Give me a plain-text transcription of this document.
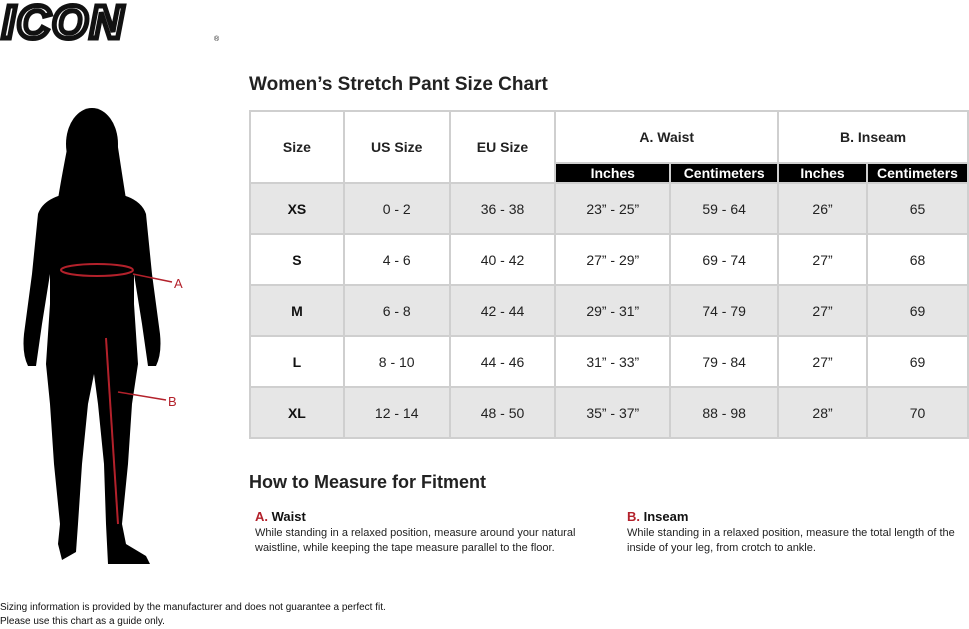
ICON	®
A
B
Women’s Stretch Pant Size Chart
Size	US Size	EU Size	A. Waist		B. Inseam	
			Inches	Centimeters	Inches	Centimeters
XS	0 - 2	36 - 38	23” - 25”	59 - 64	26”	65
S	4 - 6	40 - 42	27” - 29”	69 - 74	27”	68
M	6 - 8	42 - 44	29” - 31”	74 - 79	27”	69
L	8 - 10	44 - 46	31” - 33”	79 - 84	27”	69
XL	12 - 14	48 - 50	35” - 37”	88 - 98	28”	70
How to Measure for Fitment
A. Waist
While standing in a relaxed position, measure around your natural
waistline, while keeping the tape measure parallel to the floor.
B. Inseam
While standing in a relaxed position, measure the total length of the
inside of your leg, from crotch to ankle.
Sizing information is provided by the manufacturer and does not guarantee a perfect fit.
Please use this chart as a guide only.
